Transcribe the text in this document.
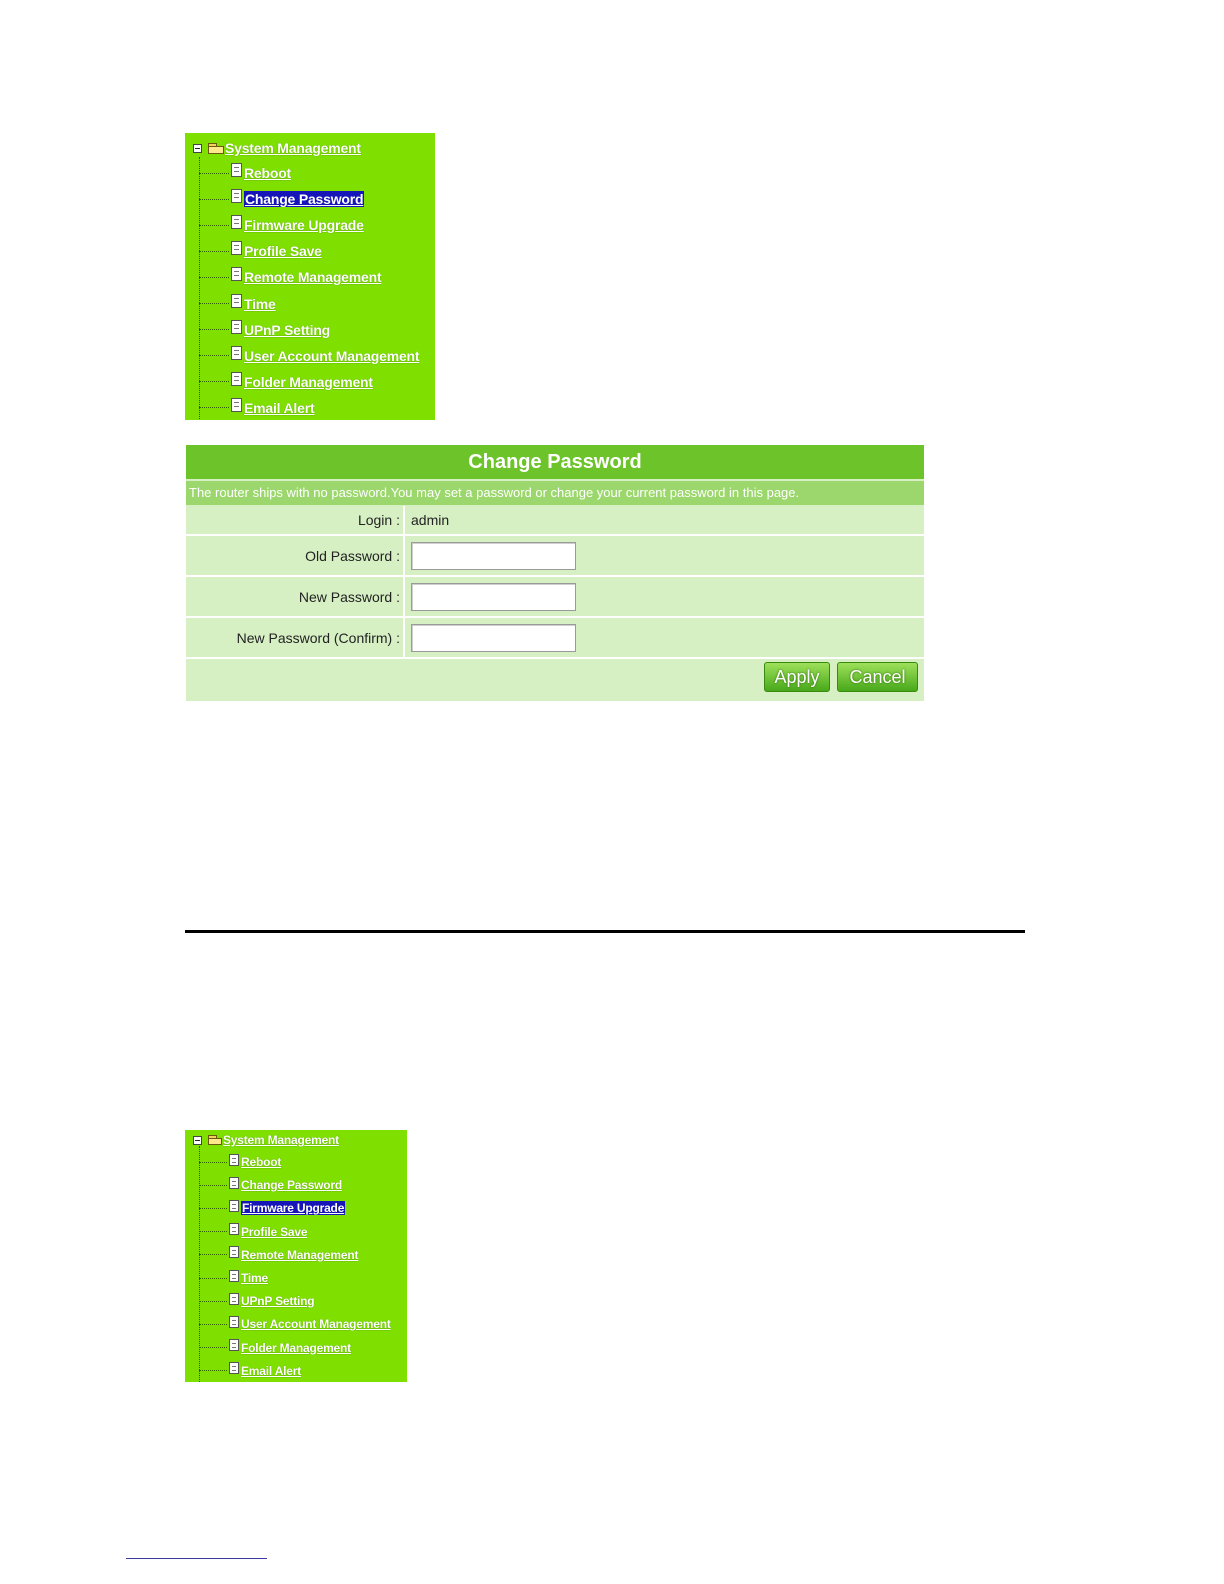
System Management
Reboot
Change Password
Firmware Upgrade
Profile Save
Remote Management
Time
UPnP Setting
User Account Management
Folder Management
Email Alert
Change Password
The router ships with no password.You may set a password or change your current password in this page.
Login : admin
Old Password :
New Password :
New Password (Confirm) :
Apply	Cancel
System Management
Reboot
Change Password
Firmware Upgrade
Profile Save
Remote Management
Time
UPnP Setting
User Account Management
Folder Management
Email Alert
